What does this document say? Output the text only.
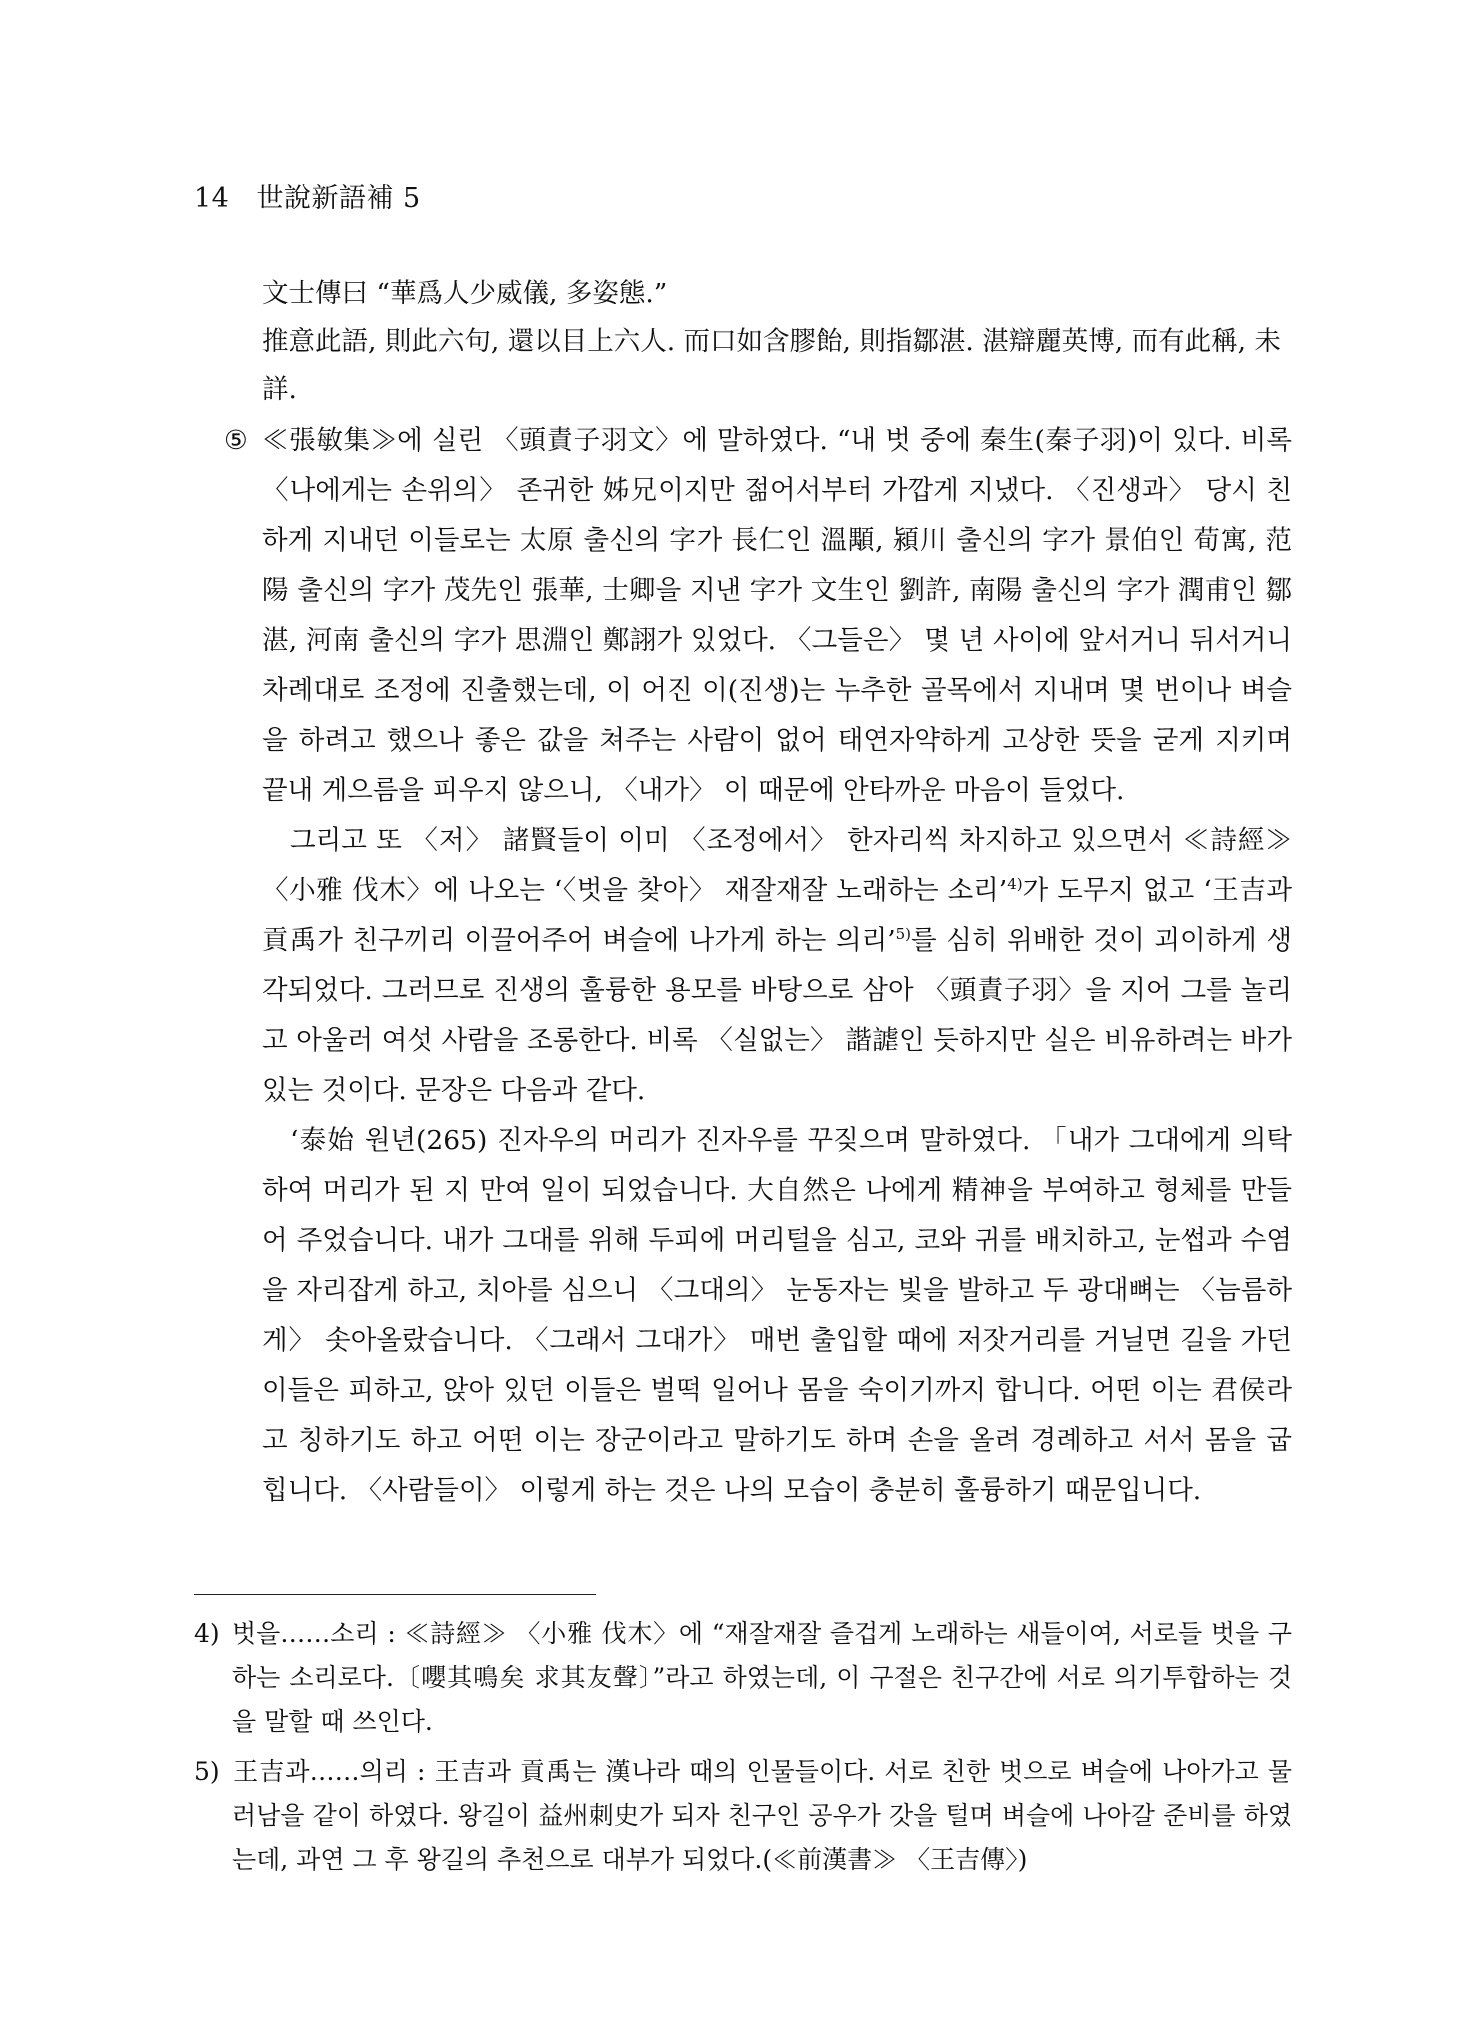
14 世說新語補 5

文士傳曰 “華爲人少威儀, 多姿態.”

推意此語, 則此六句, 還以目上六人. 而口如含膠飴, 則指鄒湛. 湛辯麗英博, 而有此稱, 未詳.

⑤ ≪張敏集≫에 실린 〈頭責子羽文〉에 말하였다. “내 벗 중에 秦生(秦子羽)이 있다. 비록 〈나에게는 손위의〉 존귀한 姊兄이지만 젊어서부터 가깝게 지냈다. 〈진생과〉 당시 친하게 지내던 이들로는 太原 출신의 字가 長仁인 溫顒, 潁川 출신의 字가 景伯인 荀寓, 范陽 출신의 字가 茂先인 張華, 士卿을 지낸 字가 文生인 劉許, 南陽 출신의 字가 潤甫인 鄒湛, 河南 출신의 字가 思淵인 鄭詡가 있었다. 〈그들은〉 몇 년 사이에 앞서거니 뒤서거니 차례대로 조정에 진출했는데, 이 어진 이(진생)는 누추한 골목에서 지내며 몇 번이나 벼슬을 하려고 했으나 좋은 값을 쳐주는 사람이 없어 태연자약하게 고상한 뜻을 굳게 지키며 끝내 게으름을 피우지 않으니, 〈내가〉 이 때문에 안타까운 마음이 들었다.

그리고 또 〈저〉 諸賢들이 이미 〈조정에서〉 한자리씩 차지하고 있으면서 ≪詩經≫ 〈小雅 伐木〉에 나오는 ‘〈벗을 찾아〉 재잘재잘 노래하는 소리’$^{4)}$가 도무지 없고 ‘王吉과 貢禹가 친구끼리 이끌어주어 벼슬에 나가게 하는 의리’$^{5)}$를 심히 위배한 것이 괴이하게 생각되었다. 그러므로 진생의 훌륭한 용모를 바탕으로 삼아 〈頭責子羽〉을 지어 그를 놀리고 아울러 여섯 사람을 조롱한다. 비록 〈실없는〉 諧謔인 듯하지만 실은 비유하려는 바가 있는 것이다. 문장은 다음과 같다.

‘泰始 원년(265) 진자우의 머리가 진자우를 꾸짖으며 말하였다. 「내가 그대에게 의탁하여 머리가 된 지 만여 일이 되었습니다. 大自然은 나에게 精神을 부여하고 형체를 만들어 주었습니다. 내가 그대를 위해 두피에 머리털을 심고, 코와 귀를 배치하고, 눈썹과 수염을 자리잡게 하고, 치아를 심으니 〈그대의〉 눈동자는 빛을 발하고 두 광대뼈는 〈늠름하게〉 솟아올랐습니다. 〈그래서 그대가〉 매번 출입할 때에 저잣거리를 거닐면 길을 가던 이들은 피하고, 앉아 있던 이들은 벌떡 일어나 몸을 숙이기까지 합니다. 어떤 이는 君侯라고 칭하기도 하고 어떤 이는 장군이라고 말하기도 하며 손을 올려 경례하고 서서 몸을 굽힙니다. 〈사람들이〉 이렇게 하는 것은 나의 모습이 충분히 훌륭하기 때문입니다.

4) 벗을……소리 : ≪詩經≫ 〈小雅 伐木〉에 “재잘재잘 즐겁게 노래하는 새들이여, 서로들 벗을 구하는 소리로다.〔嚶其鳴矣 求其友聲〕”라고 하였는데, 이 구절은 친구간에 서로 의기투합하는 것을 말할 때 쓰인다.

5) 王吉과……의리 : 王吉과 貢禹는 漢나라 때의 인물들이다. 서로 친한 벗으로 벼슬에 나아가고 물러남을 같이 하였다. 왕길이 益州刺史가 되자 친구인 공우가 갓을 털며 벼슬에 나아갈 준비를 하였는데, 과연 그 후 왕길의 추천으로 대부가 되었다.(≪前漢書≫ 〈王吉傳〉)
